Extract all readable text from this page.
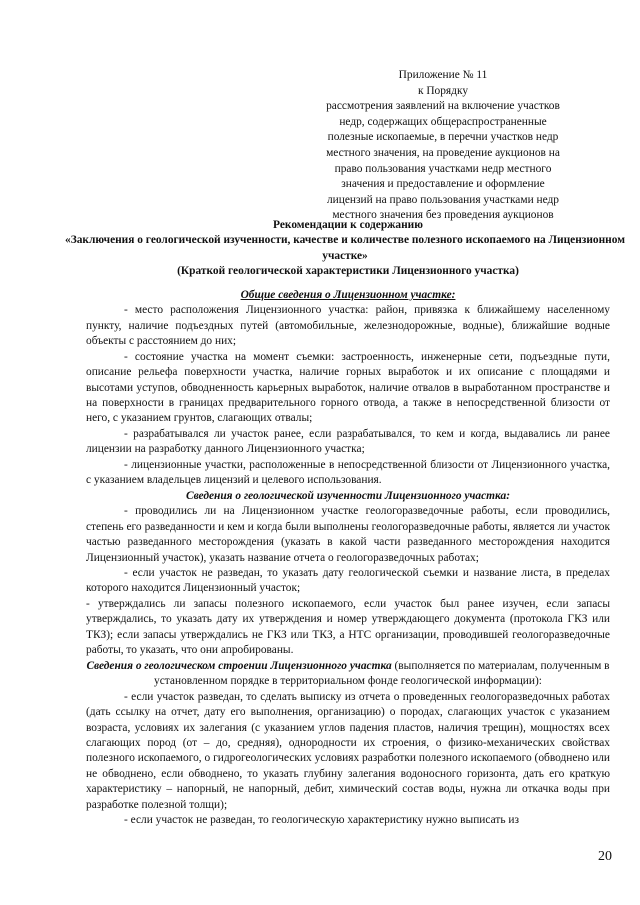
Приложение № 11
к Порядку
рассмотрения заявлений на включение участков
недр, содержащих общераспространенные
полезные ископаемые, в перечни участков недр
местного значения, на проведение аукционов на
право пользования участками недр местного
значения и предоставление и оформление
лицензий на право пользования участками недр
местного значения без проведения аукционов

Рекомендации к содержанию

«Заключения о геологической изученности, качестве и количестве полезного ископаемого на Лицензионном участке»

(Краткой геологической характеристики Лицензионного участка)

Общие сведения о Лицензионном участке:

- место расположения Лицензионного участка: район, привязка к ближайшему населенному пункту, наличие подъездных путей (автомобильные, железнодорожные, водные), ближайшие водные объекты с расстоянием до них;

- состояние участка на момент съемки: застроенность, инженерные сети, подъездные пути, описание рельефа поверхности участка, наличие горных выработок и их описание с площадями и высотами уступов, обводненность карьерных выработок, наличие отвалов в выработанном пространстве и на поверхности в границах предварительного горного отвода, а также в непосредственной близости от него, с указанием грунтов, слагающих отвалы;

- разрабатывался ли участок ранее, если разрабатывался, то кем и когда, выдавались ли ранее лицензии на разработку данного Лицензионного участка;

- лицензионные участки, расположенные в непосредственной близости от Лицензионного участка, с указанием владельцев лицензий и целевого использования.

Сведения о геологической изученности Лицензионного участка:

- проводились ли на Лицензионном участке геологоразведочные работы, если проводились, степень его разведанности и кем и когда были выполнены геологоразведочные работы, является ли участок частью разведанного месторождения (указать в какой части разведанного месторождения находится Лицензионный участок), указать название отчета о геологоразведочных работах;

- если участок не разведан, то указать дату геологической съемки и название листа, в пределах которого находится Лицензионный участок;

- утверждались ли запасы полезного ископаемого, если участок был ранее изучен, если запасы утверждались, то указать дату их утверждения и номер утверждающего документа (протокола ГКЗ или ТКЗ); если запасы утверждались не ГКЗ или ТКЗ, а НТС организации, проводившей геологоразведочные работы, то указать, что они апробированы.

Сведения о геологическом строении Лицензионного участка (выполняется по материалам, полученным в установленном порядке в территориальном фонде геологической информации):

- если участок разведан, то сделать выписку из отчета о проведенных геологоразведочных работах (дать ссылку на отчет, дату его выполнения, организацию) о породах, слагающих участок с указанием возраста, условиях их залегания (с указанием углов падения пластов, наличия трещин), мощностях всех слагающих пород (от – до, средняя), однородности их строения, о физико-механических свойствах полезного ископаемого, о гидрогеологических условиях разработки полезного ископаемого (обводнено или не обводнено, если обводнено, то указать глубину залегания водоносного горизонта, дать его краткую характеристику – напорный, не напорный, дебит, химический состав воды, нужна ли откачка воды при разработке полезной толщи);

- если участок не разведан, то геологическую характеристику нужно выписать из

20
